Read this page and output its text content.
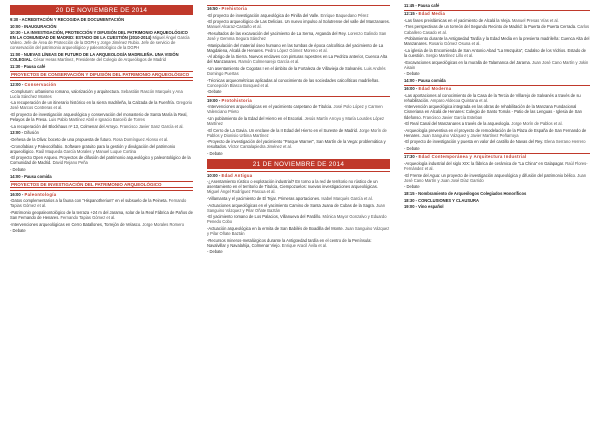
20 DE NOVIEMBRE DE 2014
9:30 - ACREDITACIÓN Y RECOGIDA DE DOCUMENTACIÓN
10:00 - INAUGURACIÓN
10:30 - LA INVESTIGACIÓN, PROTECCIÓN Y DIFUSIÓN DEL PATRIMONIO ARQUEOLÓGICO EN LA COMUNIDAD DE MADRID: ESTADO DE LA CUESTIÓN (2010-2014) Miguel Ángel García Valero. Jefe de Área de Protección de la DGPH y Jorge Jiménez Rubio. Jefe de servicio de conservación del patrimonio arqueológico y paleontológico de la DGPH
11:00 - NUEVAS LÍNEAS DE FUTURO DE LA ARQUEOLOGÍA MADRILEÑA. UNA VISIÓN COLEGIAL. César Heras Martínez, Presidente del Colegio de Arqueólogos de Madrid
11:30 - Pausa café
PROYECTOS DE CONSERVACIÓN Y DIFUSIÓN DEL PATRIMONIO ARQUEOLÓGICO
12:00 - Conservación
-Compluturn: urbanismo romano, valorización y arquitectura. Sebastián Rascón Marqués y Ana Lucía Sánchez Montes
-La recuperación de un itinerario histórico en la sierra madrileña, la Calzada de la Fuenfría. Gregorio José Marcos Contreras et al.
-El proyecto de investigación arqueológica y conservación del monasterio de Santa María la Real, Pelayos de la Presa. Luis Pablo Martínez Abril e Ignacio Barceló de Torres
-La recuperación del Blockhaus nº 13, Colmenar del Arroyo. Francisco Javier Sanz García et al.
13:00 - Difusión
-Dehesa de la Oliva: boceto de una propuesta de futuro. Rosa Domínguez Alonso et al.
-Cronofabias y Paleocolfabio. Software gratuito para la gestión y divulgación del patrimonio arqueológico. Raúl Maqueda García Morales y Manuel Luque Cortina
-El proyecto Open Arqueo. Proyectos de difusión del patrimonio arqueológico y paleontológico de la Comunidad de Madrid. David Rejano Peña
- Debate
14:00 - Pausa comida
PROYECTOS DE INVESTIGACIÓN DEL PATRIMONIO ARQUEOLÓGICO
16:00 - Paleontología
-Datos complementarios a la fauna con "Hispanotherium" en el subsuelo de la Peineta. Fernando Tapias Gómez et al.
-Patrimonio geopaleontológico de la terraza +24 m del Jarama, solar de la Real Fábrica de Paños de San Fernando de Henares. Fernando Tapias Gómez et al.
-Intervenciones arqueológicas en Cerro Batallones, Torrejón de Velasco. Jorge Morales Romero
- Debate
16:50 - Prehistoria
-El proyecto de investigación arqueológica de Pinilla del Valle. Enrique Baquedano Pérez
-El proyecto arqueológico de Las Delicias. Un nuevo impulso al Solutrense del valle del Manzanares. Manuel Alcaraz-Castaño et al.
-Resultados de las excavación del yacimiento de La Serna, Arganda del Rey. Lorenzo Galindo San José y Gemma Segura Sánchez
-Manipulación del material óseo humano en las tumbas de época calcolítica del yacimiento de La Magdalena, Alcalá de Henares. Pedro López Gómez Moreno et al.
-Al abrigo de la Sierra. Nuevos enclaves con pinturas rupestres en La Pedriza anterior, Cuenca Alta del Manzanares. Ramón Colmenarejo García et al.
-Un asentamiento de Cogotas I en el ámbito de la Fortaleza de Villavieja de Salvanés. Luis Andrés Domingo Puertas
-Técnicas arqueométricas aplicadas al conocimiento de las sociedades calcolíticas madrileñas. Concepción Blasco Bosqued et al.
-Debate
19:00 - Protohistoria
-Intervenciones arqueológicas en el yacimiento carpetano de Titulcia. José Polo López y Carmen Valenciano Prieto
-Un poblamiento de la Edad del Hierro en el Escorial. Jesús Martín Arroyo y María Lourdes López Martínez
-El Cerro de La Gavia. Un enclave de la II Edad del Hierro en el Sureste de Madrid. Jorge Morín de Pablos y Dionisio Urbina Martínez
-Proyecto de investigación del yacimiento "Parque Warner", San Martín de la Vega: problemática y resultados. Víctor Cantalapiedra Jiménez et al.
- Debate
21 DE NOVIEMBRE DE 2014
10:00 - Edad Antigua
-¿Asentamiento rústico o explotación industrial? En torno a la red de territorio no rústico de un asentamiento en el territorio de Titulcia, Ciempozuelos: nuevas investigaciones arqueológicas. Miguel Ángel Rodríguez Pascua et al.
-Villamanta y el yacimiento de El Tejar. Primeras aportaciones. Isabel Marqués García et al.
-Actuaciones arqueológicas en el yacimiento Camino de Santa Juana de Cubas de la Sagra. Juan Sanguino Vázquez y Pilar Oñate Baztán
-El yacimiento romano de Los Palacios, Villanueva del Pardillo. Mónica Mayor Gonzalvo y Eduardo Penedo Cobo
-Actuación arqueológica en la ermita de San Babilés de Boadilla del Monte. Juan Sanguino Vázquez y Pilar Oñate Baztán
-Recursos mineros-metalúrgicos durante la Antigüedad tardía en el centro de la Península: Navalvillar y Navalahija, Colmenar Viejo. Enrique Aracil Ávila et al.
- Debate
11:45 - Pausa café
12:15 - Edad Media
-Las fases preislámicas en el yacimiento de Alcalá la Vieja. Manuel Presas Vías et al.
-Tres perspectivas de un torreón del Segundo Recinto de Madrid: la Puerta de Puerta Cerrada. Carlos Caballero Casado et al.
-Poblamiento durante la Antigüedad Tardía y la Edad Media en la presierra madrileña: Cuenca Alta del Manzanares. Rosario Gómez Osuna et al.
-La iglesia de la Encomienda de San Antonio Abad "La Mezquita", Cadalso de los Vidrios. Estado de la cuestión. Sergio Martínez Lillo et al.
-Excavaciones arqueológicas en la muralla de Talamanca del Jarama. Juan José Cano Martín y Jokin Aisain
- Debate
14:00 - Pausa comida
16:00 - Edad Moderna
-Las aportaciones al conocimiento de la Casa de la Tercia de Villarejo de Salvanés a través de su rehabilitación. Amparo Aldecoa Quintana et al.
-Intervención arqueológica integrada en las obras de rehabilitación de la Manzana Fundacional Cisneriana en Alcalá de Henares: Colegio de Santo Tomás - Patio de las Lenguas - Iglesia de San Ildefonso. Francisco Javier García Esteban
-El Real Canal del Manzanares a través de la arqueología. Jorge Morín de Pablos et al.
-Arqueología preventiva en el proyecto de remodelación de la Plaza de España de San Fernando de Henares. Juan Sanguino Vázquez y Javier Martínez Peñarroya
-El proyecto de investigación y puesta en valor del castillo de Navas del Rey. Elena Serrano Herrero
- Debate
17:30 - Edad Contemporánea y Arquitectura Industrial
-Arqueología industrial del siglo XIX: la fábrica de cerámica de "La China" en Galapagar. Raúl Flores-Fernández et al.
-El Frente del Agua: un proyecto de investigación arqueológica y difusión del patrimonio bélico. Juan José Cano Martín y Juan José Díaz Garrido
- Debate
18:15 - Nombramiento de Arqueólogos Colegiados Honoríficos
18:30 - CONCLUSIONES Y CLAUSURA
19:00 - Vino español
